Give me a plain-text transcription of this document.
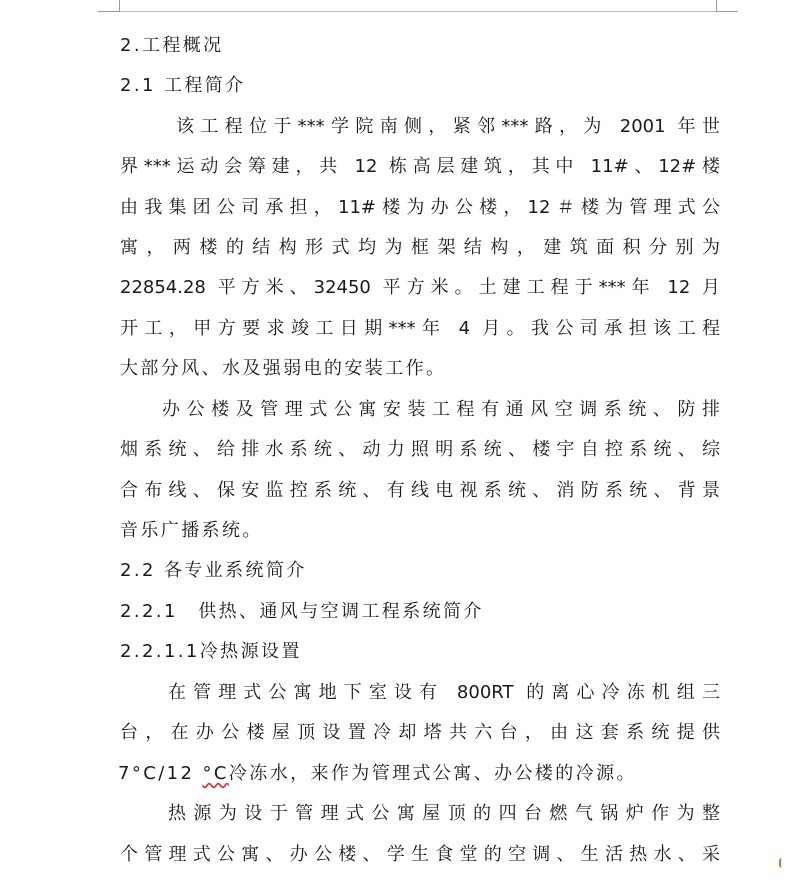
2.工程概况
2.1 工程简介
该工程位于***学院南侧，紧邻***路，为 2001 年世
界***运动会筹建，共 12 栋高层建筑，其中 11#、12#楼
由我集团公司承担，11#楼为办公楼，12＃楼为管理式公
寓，两楼的结构形式均为框架结构，建筑面积分别为
22854.28 平方米、32450 平方米。土建工程于***年 12 月
开工，甲方要求竣工日期***年 4 月。我公司承担该工程
大部分风、水及强弱电的安装工作。
办公楼及管理式公寓安装工程有通风空调系统、防排
烟系统、给排水系统、动力照明系统、楼宇自控系统、综
合布线、保安监控系统、有线电视系统、消防系统、背景
音乐广播系统。
2.2 各专业系统简介
2.2.1　供热、通风与空调工程系统简介
2.2.1.1冷热源设置
在管理式公寓地下室设有 800RT 的离心冷冻机组三
台，在办公楼屋顶设置冷却塔共六台，由这套系统提供
7°C/12 °C冷冻水，来作为管理式公寓、办公楼的冷源。
热源为设于管理式公寓屋顶的四台燃气锅炉作为整
个管理式公寓、办公楼、学生食堂的空调、生活热水、采
